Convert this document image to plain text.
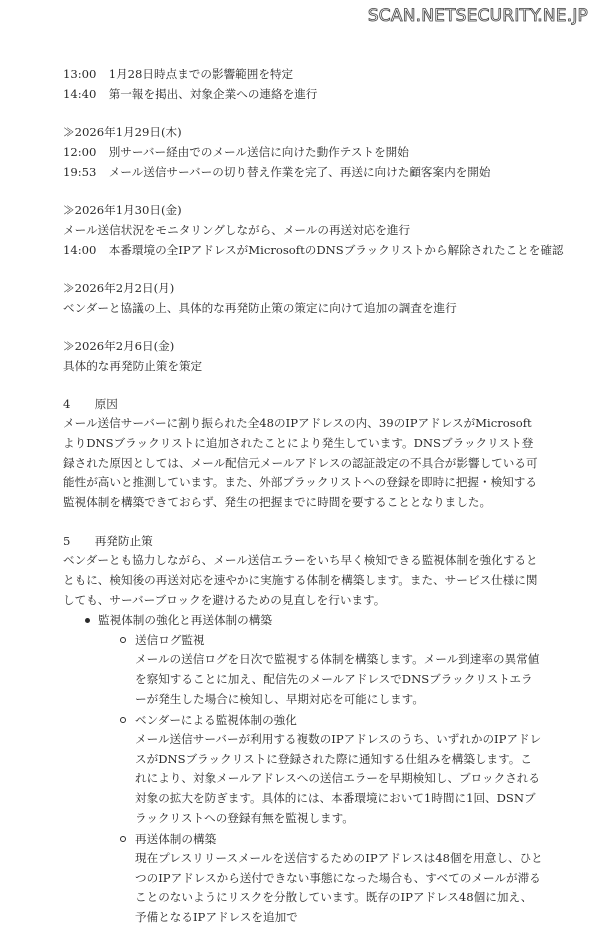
SCAN.NETSECURITY.NE.JP
13:00 1月28日時点までの影響範囲を特定
14:40 第一報を掲出、対象企業への連絡を進行
≫2026年1月29日(木)
12:00 別サーバー経由でのメール送信に向けた動作テストを開始
19:53 メール送信サーバーの切り替え作業を完了、再送に向けた顧客案内を開始
≫2026年1月30日(金)
メール送信状況をモニタリングしながら、メールの再送対応を進行
14:00 本番環境の全IPアドレスがMicrosoftのDNSブラックリストから解除されたことを確認
≫2026年2月2日(月)
ベンダーと協議の上、具体的な再発防止策の策定に向けて追加の調査を進行
≫2026年2月6日(金)
具体的な再発防止策を策定
4 原因
メール送信サーバーに割り振られた全48のIPアドレスの内、39のIPアドレスがMicrosoftよりDNSブラックリストに追加されたことにより発生しています。DNSブラックリスト登録された原因としては、メール配信元メールアドレスの認証設定の不具合が影響している可能性が高いと推測しています。また、外部ブラックリストへの登録を即時に把握・検知する監視体制を構築できておらず、発生の把握までに時間を要することとなりました。
5 再発防止策
ベンダーとも協力しながら、メール送信エラーをいち早く検知できる監視体制を強化するとともに、検知後の再送対応を速やかに実施する体制を構築します。また、サービス仕様に関しても、サーバーブロックを避けるための見直しを行います。
監視体制の強化と再送体制の構築
送信ログ監視
メールの送信ログを日次で監視する体制を構築します。メール到達率の異常値を察知することに加え、配信先のメールアドレスでDNSブラックリストエラーが発生した場合に検知し、早期対応を可能にします。
ベンダーによる監視体制の強化
メール送信サーバーが利用する複数のIPアドレスのうち、いずれかのIPアドレスがDNSブラックリストに登録された際に通知する仕組みを構築します。これにより、対象メールアドレスへの送信エラーを早期検知し、ブロックされる対象の拡大を防ぎます。具体的には、本番環境において1時間に1回、DSNブラックリストへの登録有無を監視します。
再送体制の構築
現在プレスリリースメールを送信するためのIPアドレスは48個を用意し、ひとつのIPアドレスから送付できない事態になった場合も、すべてのメールが滞ることのないようにリスクを分散しています。既存のIPアドレス48個に加え、予備となるIPアドレスを追加で
